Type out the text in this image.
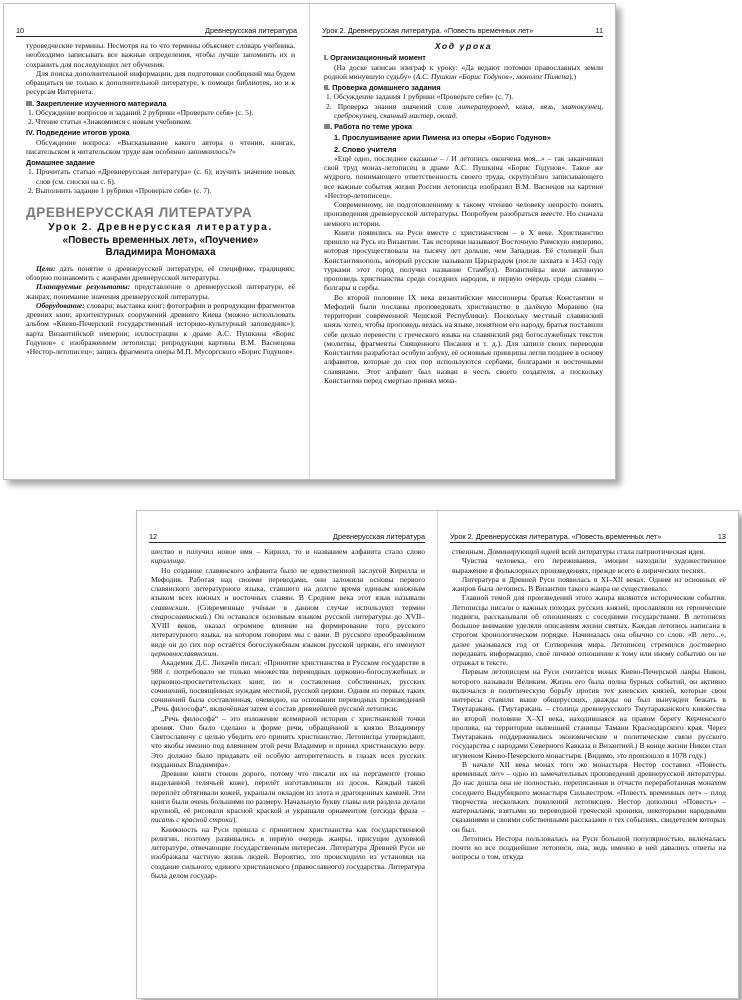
10	Древнерусская литература

туроведческие термины. Несмотря на то что термины объясняет словарь учебника, необходимо записывать все важные определения, чтобы лучше запомнить их и сохранить для последующих лет обучения.

Для поиска дополнительной информации, для подготовки сообщений мы будем обращаться не только к дополнительной литературе, к помощи библиотек, но и к ресурсам Интернета.

III. Закрепление изученного материала

1. Обсуждение вопросов и заданий 2 рубрики «Проверьте себя» (с. 5).

2. Чтение статьи «Знакомимся с новым учебником.

IV. Подведение итогов урока

Обсуждение вопроса: «Высказывание какого автора о чтении, книгах, писательском и читательском труде вам особенно запомнилось?»

Домашнее задание

1. Прочитать статью «Древнерусская литература» (с. 6); изучить значение новых слов (см. сноски на с. 6).

2. Выполнить задание 1 рубрики «Проверьте себя» (с. 7).

ДРЕВНЕРУССКАЯ ЛИТЕРАТУРА
Урок 2. Древнерусская литература.
«Повесть временных лет», «Поучение»
Владимира Мономаха

Цели: дать понятие о древнерусской литературе, её специфике, традициях; обзорно познакомить с жанрами древнерусской литературы.

Планируемые результаты: представление о древнерусской литературе, её жанрах; понимание значения древнерусской литературы.

Оборудование: словари; выставка книг; фотографии и репродукции фрагментов древних книг, архитектурных сооружений древнего Киева (можно использовать альбом «Киево-Печерский государственный историко-культурный заповедник»); карта Византийской империи; иллюстрации к драме А.С. Пушкина «Борис Годунов» с изображением летописца; репродукция картины В.М. Васнецова «Нестор-летописец»; запись фрагмента оперы М.П. Мусоргского «Борис Годунов».

Урок 2. Древнерусская литература. «Повесть временных лет»	11
Ход урока
I. Организационный момент

(На доске записан эпиграф к уроку: «Да ведают потомки православных земли родной минувшую судьбу» (А.С. Пушкин «Борис Годунов», монолог Пимена).)

II. Проверка домашнего задания

1. Обсуждение задания 1 рубрики «Проверьте себя» (с. 7).

2. Проверка знания значений слов литературовед, келья, вязь, златокузнец, среброкузнец, сканный мастер, оклад.

III. Работа по теме урока
1. Прослушивание арии Пимена из оперы «Борис Годунов»
2. Слово учителя

«Ещё одно, последнее сказанье – / И летопись окончена моя...» – так заканчивал свой труд монах-летописец в драме А.С. Пушкина «Борис Годунов». Такое же мудрого, понимающего ответственность своего труда, скрупулёзно записывающего все важные события жизни России летописца изобразил В.М. Васнецов на картине «Нестор-летописец».

Современному, не подготовленному к такому чтению человеку непросто понять произведения древнерусской литературы. Попробуем разобраться вместе. Но сначала немного истории.

Книги появились на Руси вместе с христианством – в X веке. Христианство пришло на Русь из Византии. Так историки называют Восточную Римскую империю, которая просуществовала на тысячу лет дольше, чем Западная. Её столицей был Константинополь, который русские называли Царьградом (после захвата в 1453 году турками этот город получил название Стамбул). Византийцы вели активную проповедь христианства среди соседних народов, в первую очередь среди славян – болгары и сербы.

Во второй половине IX века византийские миссионеры братья Константин и Мефодий были посланы проповедовать христианство в далёкую Моравию (на территории современной Чешской Республики). Поскольку местный славянский князь хотел, чтобы проповедь велась на языке, понятном его народу, братья поставили себе целью перевести с греческого языка на славянский ряд богослужебных текстов (молитвы, фрагменты Священного Писания и т. д.). Для записи своих переводов Константин разработал особую азбуку, её основные принципы легли позднее в основу алфавитов, которые до сих пор используются сербами, болгарами и восточными славянами. Этот алфавит был назван в честь своего создателя, а поскольку Константин перед смертью принял мона-

12	Древнерусская литература

шество и получил новое имя – Кирилл, то и названием алфавита стало слово кириллица.

Но создание славянского алфавита было не единственной заслугой Кирилла и Мефодия. Работая над своими переводами, они заложили основы первого славянского литературного языка, ставшего на долгое время единым книжным языком всех южных и восточных славян. В Средние века этот язык называли славянским. (Современные учёные в данном случае используют термин старославянский.) Он оставался основным языком русской литературы до XVII–XVIII веков, оказал огромное влияние на формирование того русского литературного языка, на котором говорим мы с вами. В русского преображённом виде он до сих пор остаётся богослужебным языком русской церкви, его именуют церковнославянским.

Академик Д.С. Лихачёв писал: «Принятие христианства в Русском государстве в 988 г. потребовало не только множества переводных церковно-богослужебных и церковно-просветительских книг, но и составления собственных, русских сочинений, посвящённых нуждам местной, русской церкви. Одним из первых таких сочинений была составленная, очевидно, на основании переводных произведений „Речь философа“, включённая затем в состав древнейшей русской летописи.

„Речь философа“ – это изложение всемирной истории с христианской точки зрения. Оно было сделано в форме речи, обращённой к князю Владимиру Святославичу с целью убедить его принять христианство. Летописцы утверждают, что якобы именно под влиянием этой речи Владимир и принял христианскую веру. Это должно было придавать ей особую авторитетность в глазах всех русских подданных Владимира».

Древние книги стоили дорого, потому что писали их на пергаменте (тонко выделанной телячьей коже), перелёт изготавливали из досок. Каждый такой переплёт обтягивали кожей, украшали окладом из злота и драгоценных камней. Эти книги были очень большими по размеру. Начальную букву главы или раздела делали крупной, её рисовали красной краской и украшали орнаментом (отсюда фраза – писать с красной строки).

Книжность на Руси пришла с принятием христианства как государственной религии, поэтому развивались в первую очередь жанры, присущие духовной литературе, отвечающие государственным интересам. Литература Древней Руси не изображала частную жизнь людей. Вероятно, это происходило из установки на создание сильного, единого христианского (православного) государства. Литература была делом государ-

Урок 2. Древнерусская литература. «Повесть временных лет»	13

ственным. Доминирующей идеей всей литературы стала патриотическая идея.

Чувства человека, его переживания, эмоции находили художественное выражение в фольклорных произведениях, прежде всего в лирических песнях.

Литература в Древней Руси появилась в XI–XII веках. Одним из основных её жанров была летопись. В Византии такого жанра не существовало.

Главной темой для произведений этого жанра являются исторические события. Летописцы писали о важных походах русских князей, прославляли их героические подвиги, рассказывали об отношениях с соседними государствами. В летописях большое внимание уделяли описаниям жизни святых. Каждая летопись написана в строгом хронологическом порядке. Начиналась она обычно со слов: «В лето...», далее указывался год от Сотворения мира. Летописец стремился достоверно передавать информацию, своё личное отношение к тому или иному событию он не отражал в тексте.

Первым летописцем на Руси считается монах Киево-Печерской лавры Никон, которого называли Великим. Жизнь его была полна бурных событий, он активно включался в политическую борьбу против тех киевских князей, которые свои интересы ставили выше общерусских, дважды он был вынужден бежать в Тмутаракань. (Тмутаракань – столица древнерусского Тмутараканского княжества во второй половине X–XI века, находившаяся на правом берегу Керченского пролива, на территории нынешней станицы Тамани Краснодарского края. Через Тмутаракань поддерживались экономические и политические связи русского государства с народами Северного Кавказа и Византией.) В конце жизни Никон стал игуменом Киево-Печерского монастыря. (Видимо, это произошло в 1078 году.)

В начале XII века монах того же монастыря Нестор составил «Повесть временных лет» – одно из замечательных произведений древнерусской литературы. До нас дошла она не полностью, переписанная и отчасти переработанная монахом соседнего Выдубицкого монастыря Сильвестром. «Повесть временных лет» – плод творчества нескольких поколений летописцев. Нестор дополнил «Повесть» – материалами, взятыми из переводной греческой хроники, некоторыми народными сказаниями и своими собственными рассказами о тех событиях, свидетелем которых он был.

Летопись Нестора пользовалась на Руси большой популярностью, включалась почти во все позднейшие летописи, она, ведь именно в ней давались ответы на вопросы о том, откуда
